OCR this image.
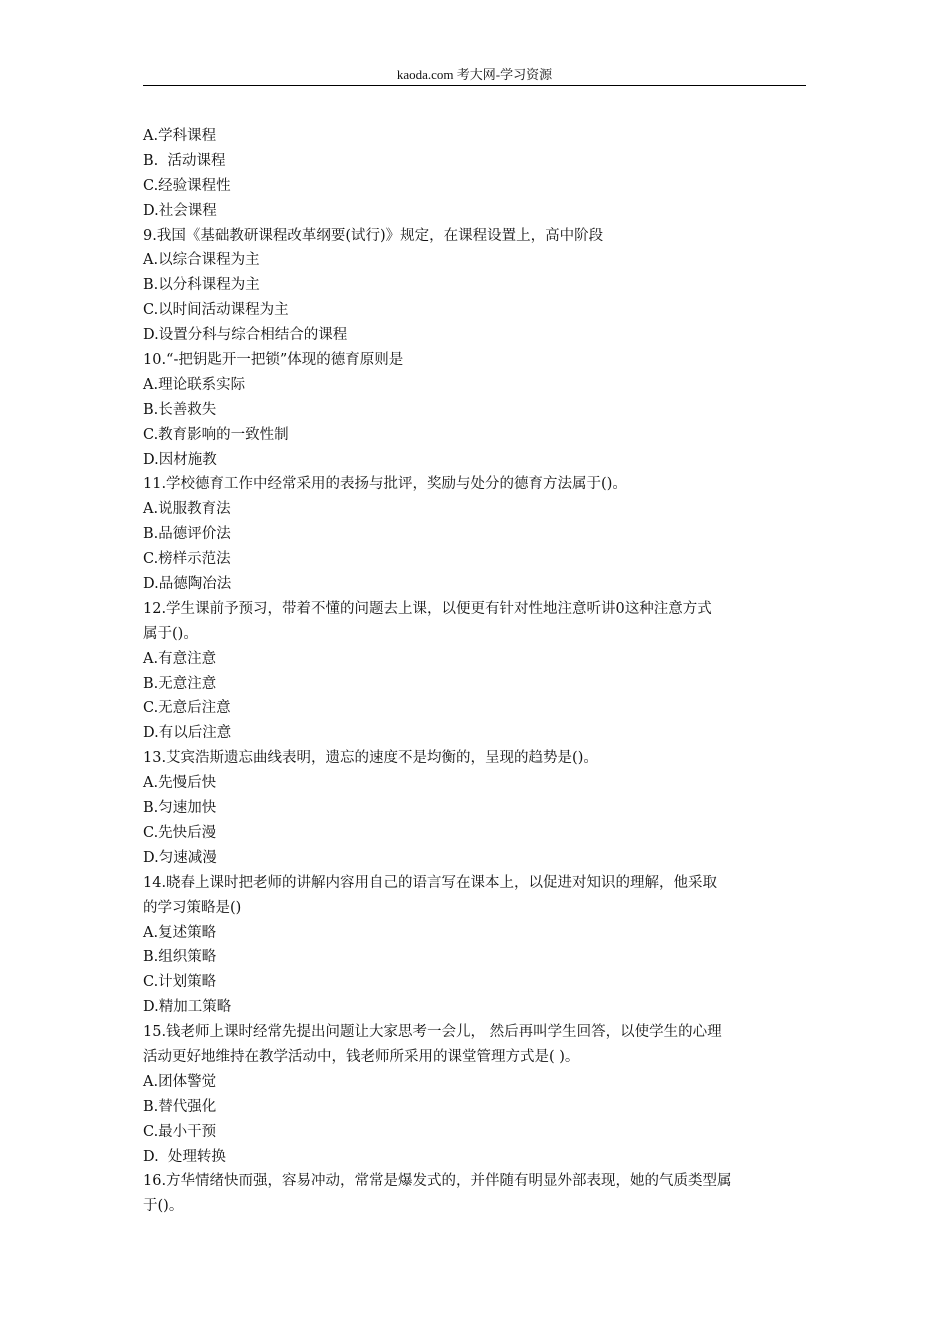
kaoda.com 考大网-学习资源

A.学科课程

B.  活动课程

C.经验课程性

D.社会课程

9.我国《基础教研课程改革纲要(试行)》规定，在课程设置上，高中阶段

A.以综合课程为主

B.以分科课程为主

C.以时间活动课程为主

D.设置分科与综合相结合的课程

10.“-把钥匙开一把锁”体现的德育原则是

A.理论联系实际

B.长善救失

C.教育影响的一致性制

D.因材施教

11.学校德育工作中经常采用的表扬与批评，奖励与处分的德育方法属于()。

A.说服教育法

B.品德评价法

C.榜样示范法

D.品德陶冶法

12.学生课前予预习，带着不懂的问题去上课，以便更有针对性地注意听讲0这种注意方式

属于()。

A.有意注意

B.无意注意

C.无意后注意

D.有以后注意

13.艾宾浩斯遗忘曲线表明，遗忘的速度不是均衡的，呈现的趋势是()。

A.先慢后快

B.匀速加快

C.先快后漫

D.匀速减漫

14.晓春上课时把老师的讲解内容用自己的语言写在课本上，以促进对知识的理解，他采取

的学习策略是()

A.复述策略

B.组织策略

C.计划策略

D.精加工策略

15.钱老师上课时经常先提出问题让大家思考一会儿， 然后再叫学生回答，以使学生的心理

活动更好地维持在教学活动中，钱老师所采用的课堂管理方式是( )。

A.团体警觉

B.替代强化

C.最小干预

D.  处理转换

16.方华情绪快而强，容易冲动，常常是爆发式的，并伴随有明显外部表现，她的气质类型属

于()。
